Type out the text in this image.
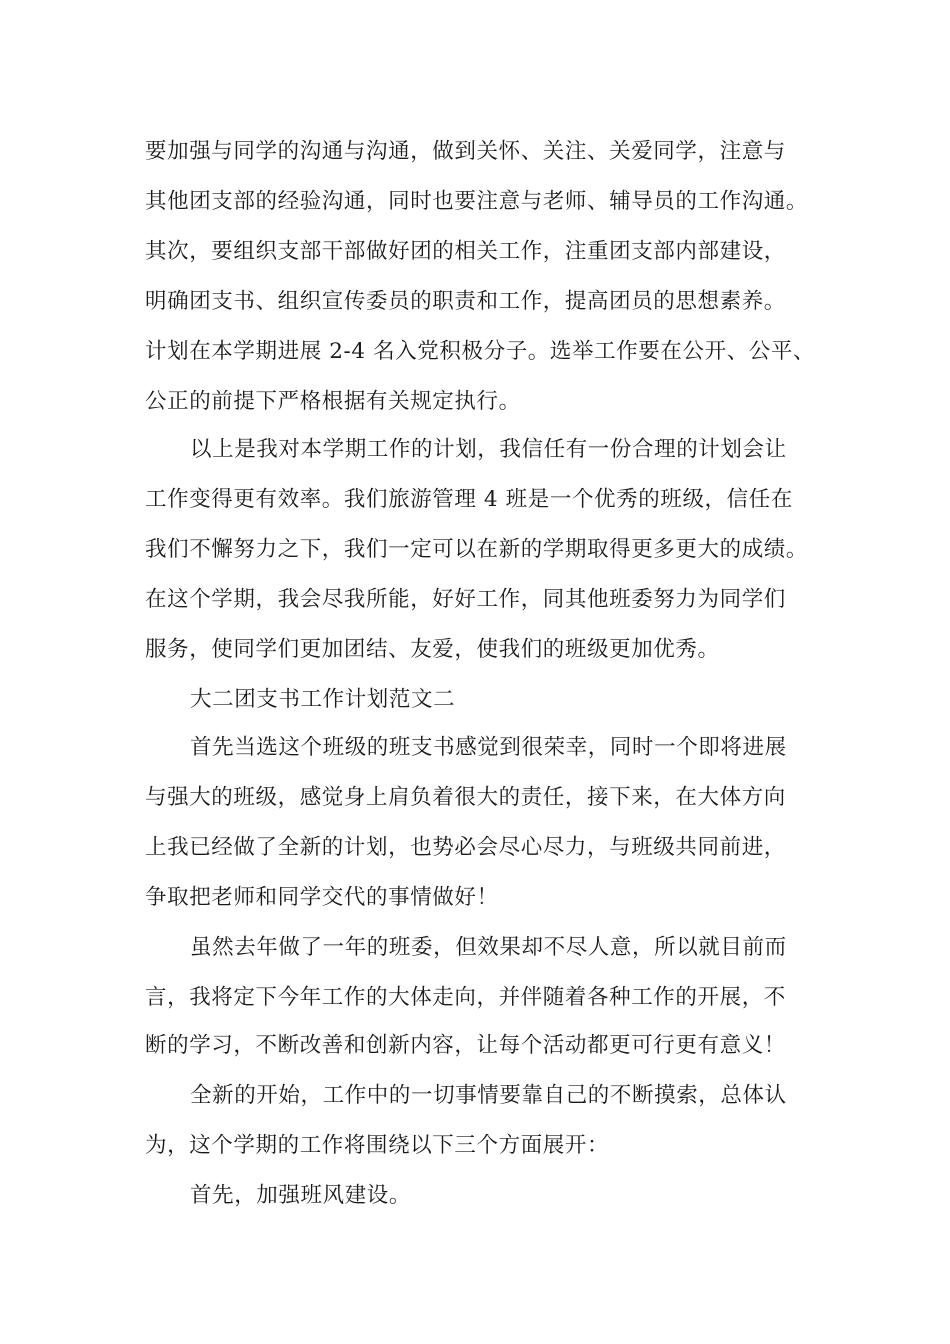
要加强与同学的沟通与沟通，做到关怀、关注、关爱同学，注意与
其他团支部的经验沟通，同时也要注意与老师、辅导员的工作沟通。
其次，要组织支部干部做好团的相关工作，注重团支部内部建设，
明确团支书、组织宣传委员的职责和工作，提高团员的思想素养。
计划在本学期进展 2-4 名入党积极分子。选举工作要在公开、公平、
公正的前提下严格根据有关规定执行。
以上是我对本学期工作的计划，我信任有一份合理的计划会让
工作变得更有效率。我们旅游管理 4 班是一个优秀的班级，信任在
我们不懈努力之下，我们一定可以在新的学期取得更多更大的成绩。
在这个学期，我会尽我所能，好好工作，同其他班委努力为同学们
服务，使同学们更加团结、友爱，使我们的班级更加优秀。
大二团支书工作计划范文二
首先当选这个班级的班支书感觉到很荣幸，同时一个即将进展
与强大的班级，感觉身上肩负着很大的责任，接下来，在大体方向
上我已经做了全新的计划，也势必会尽心尽力，与班级共同前进，
争取把老师和同学交代的事情做好！
虽然去年做了一年的班委，但效果却不尽人意，所以就目前而
言，我将定下今年工作的大体走向，并伴随着各种工作的开展，不
断的学习，不断改善和创新内容，让每个活动都更可行更有意义！
全新的开始，工作中的一切事情要靠自己的不断摸索，总体认
为，这个学期的工作将围绕以下三个方面展开：
首先，加强班风建设。
